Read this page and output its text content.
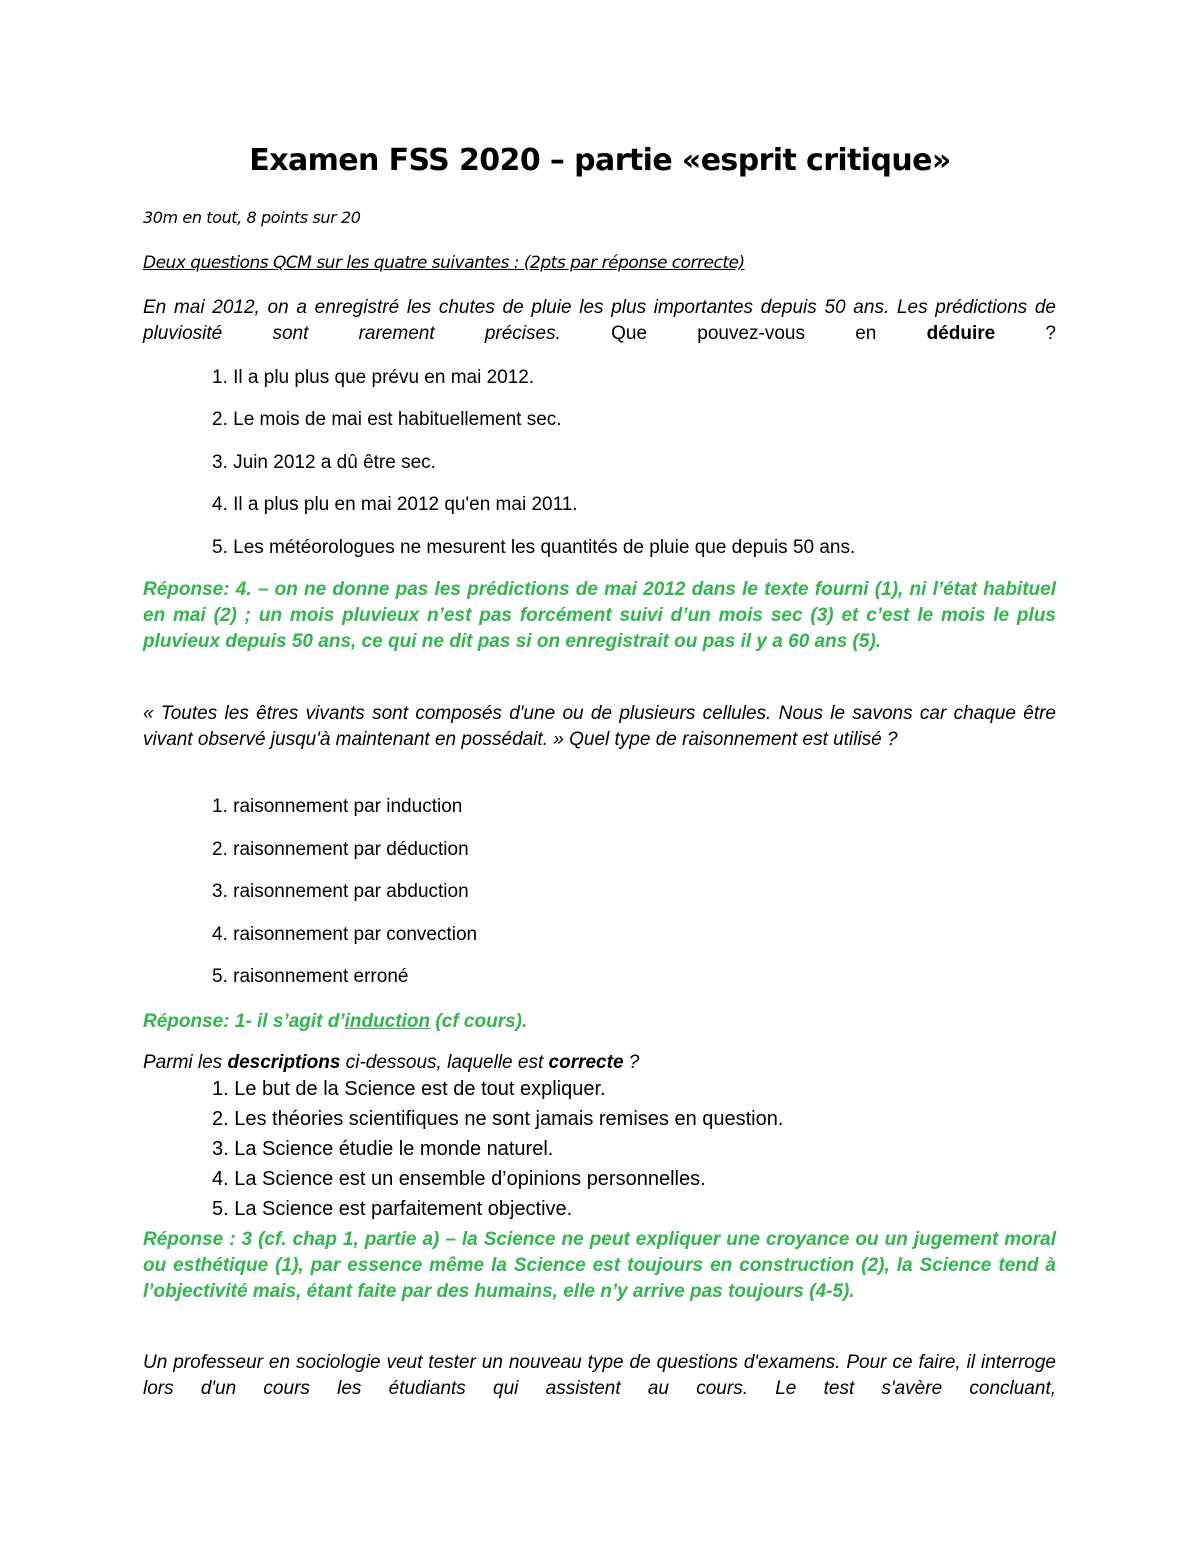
Examen FSS 2020 – partie «esprit critique»
30m en tout, 8 points sur 20
Deux questions QCM sur les quatre suivantes : (2pts par réponse correcte)
En mai 2012, on a enregistré les chutes de pluie les plus importantes depuis 50 ans. Les prédictions de pluviosité sont rarement précises. Que pouvez-vous en déduire ?
1. Il a plu plus que prévu en mai 2012.
2. Le mois de mai est habituellement sec.
3. Juin 2012 a dû être sec.
4. Il a plus plu en mai 2012 qu'en mai 2011.
5. Les météorologues ne mesurent les quantités de pluie que depuis 50 ans.
Réponse: 4. – on ne donne pas les prédictions de mai 2012 dans le texte fourni (1), ni l’état habituel en mai (2) ; un mois pluvieux n’est pas forcément suivi d’un mois sec (3) et c’est le mois le plus pluvieux depuis 50 ans, ce qui ne dit pas si on enregistrait ou pas il y a 60 ans (5).
« Toutes les êtres vivants sont composés d'une ou de plusieurs cellules. Nous le savons car chaque être vivant observé jusqu'à maintenant en possédait. » Quel type de raisonnement est utilisé ?
1. raisonnement par induction
2. raisonnement par déduction
3. raisonnement par abduction
4. raisonnement par convection
5. raisonnement erroné
Réponse: 1- il s’agit d’induction (cf cours).
Parmi les descriptions ci-dessous, laquelle est correcte ?
1. Le but de la Science est de tout expliquer.
2. Les théories scientifiques ne sont jamais remises en question.
3. La Science étudie le monde naturel.
4. La Science est un ensemble d’opinions personnelles.
5. La Science est parfaitement objective.
Réponse : 3 (cf. chap 1, partie a) – la Science ne peut expliquer une croyance ou un jugement moral ou esthétique (1), par essence même la Science est toujours en construction (2), la Science tend à l’objectivité mais, étant faite par des humains, elle n’y arrive pas toujours (4-5).
Un professeur en sociologie veut tester un nouveau type de questions d'examens. Pour ce faire, il interroge lors d'un cours les étudiants qui assistent au cours. Le test s'avère concluant,
